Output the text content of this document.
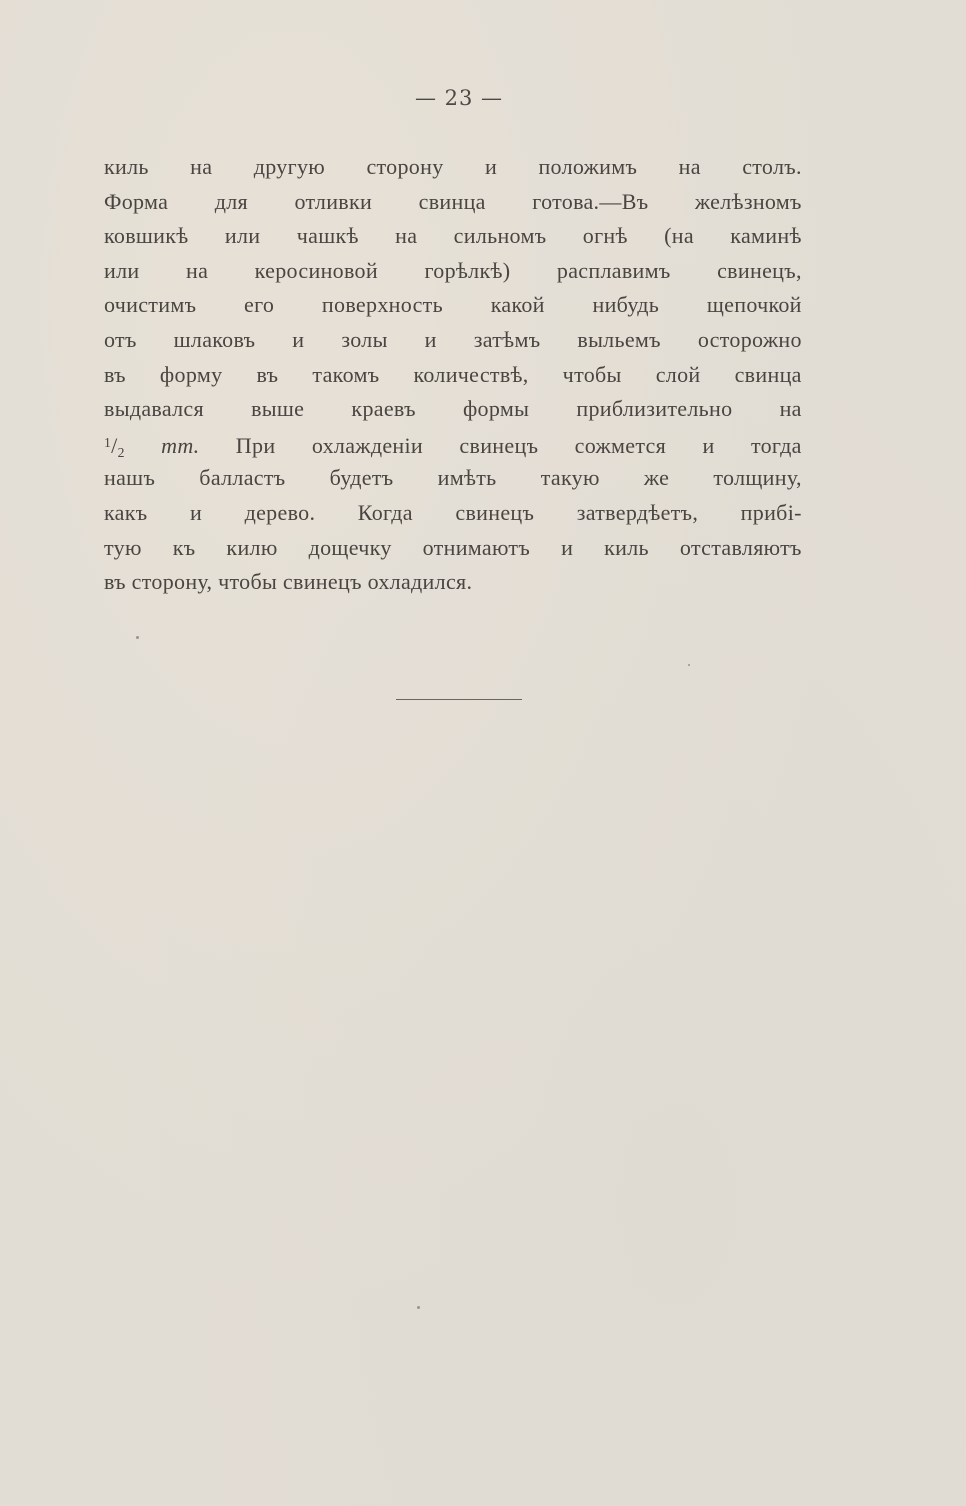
— 23 —
киль на другую сторону и положимъ на столъ.
Форма для отливки свинца готова.—Въ желѣзномъ
ковшикѣ или чашкѣ на сильномъ огнѣ (на каминѣ
или на керосиновой горѣлкѣ) расплавимъ свинецъ,
очистимъ его поверхность какой нибудь щепочкой
отъ шлаковъ и золы и затѣмъ выльемъ осторожно
въ форму въ такомъ количествѣ, чтобы слой свинца
выдавался выше краевъ формы приблизительно на
$^1$/2 mm. При охлажденіи свинецъ сожмется и тогда
нашъ балластъ будетъ имѣть такую же толщину,
какъ и дерево. Когда свинецъ затвердѣетъ, прибі-
тую къ килю дощечку отнимаютъ и киль отставляютъ
въ сторону, чтобы свинецъ охладился.
